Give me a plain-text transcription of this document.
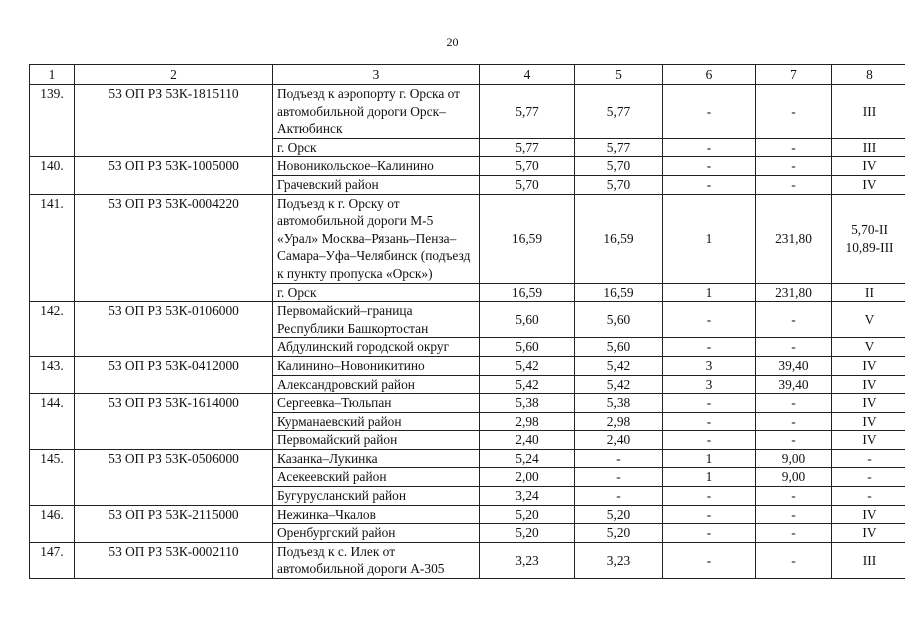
20
1	2	3	4	5	6	7	8
139.	53 ОП РЗ 53К-1815110	Подъезд к аэропорту г. Орска от автомобильной дороги Орск–Актюбинск	5,77	5,77	-	-	III
		г. Орск	5,77	5,77	-	-	III
140.	53 ОП РЗ 53К-1005000	Новоникольское–Калинино	5,70	5,70	-	-	IV
		Грачевский район	5,70	5,70	-	-	IV
141.	53 ОП РЗ 53К-0004220	Подъезд к г. Орску от автомобильной дороги М-5 «Урал» Москва–Рязань–Пенза–Самара–Уфа–Челябинск (подъезд к пункту пропуска «Орск»)	16,59	16,59	1	231,80	5,70-II 10,89-III
		г. Орск	16,59	16,59	1	231,80	II
142.	53 ОП РЗ 53К-0106000	Первомайский–граница Республики Башкортостан	5,60	5,60	-	-	V
		Абдулинский городской округ	5,60	5,60	-	-	V
143.	53 ОП РЗ 53К-0412000	Калинино–Новоникитино	5,42	5,42	3	39,40	IV
		Александровский район	5,42	5,42	3	39,40	IV
144.	53 ОП РЗ 53К-1614000	Сергеевка–Тюльпан	5,38	5,38	-	-	IV
		Курманаевский район	2,98	2,98	-	-	IV
		Первомайский район	2,40	2,40	-	-	IV
145.	53 ОП РЗ 53К-0506000	Казанка–Лукинка	5,24	-	1	9,00	-
		Асекеевский район	2,00	-	1	9,00	-
		Бугурусланский район	3,24	-	-	-	-
146.	53 ОП РЗ 53К-2115000	Нежинка–Чкалов	5,20	5,20	-	-	IV
		Оренбургский район	5,20	5,20	-	-	IV
147.	53 ОП РЗ 53К-0002110	Подъезд к с. Илек от автомобильной дороги А-305	3,23	3,23	-	-	III
